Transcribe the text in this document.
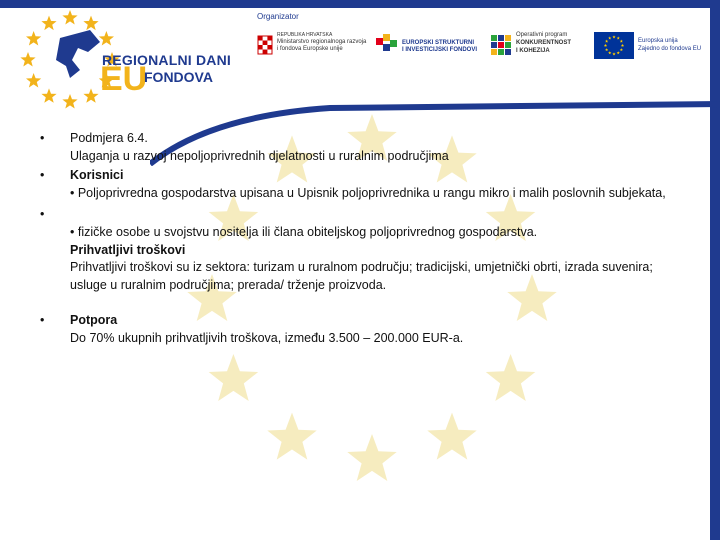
REGIONALNI DANI
EU
FONDOVA
Organizator
REPUBLIKA HRVATSKA
Ministarstvo regionalnoga razvoja
i fondova Europske unije
EUROPSKI STRUKTURNI
I INVESTICIJSKI FONDOVI
Operativni program
KONKURENTNOST
I KOHEZIJA
Europska unija
Zajedno do fondova EU
• Podmjera 6.4.
Ulaganja u razvoj nepoljoprivrednih djelatnosti u ruralnim područjima
• Korisnici
• Poljoprivredna gospodarstva upisana u Upisnik poljoprivrednika u rangu mikro i malih poslovnih subjekata,
•
• fizičke osobe u svojstvu nositelja ili člana obiteljskog poljoprivrednog gospodarstva.
Prihvatljivi troškovi
Prihvatljivi troškovi su iz sektora: turizam u ruralnom području; tradicijski, umjetnički obrti, izrada suvenira; usluge u ruralnim područjima; prerada/ trženje proizvoda.
• Potpora
Do 70% ukupnih prihvatljivih troškova, između 3.500 – 200.000 EUR-a.
